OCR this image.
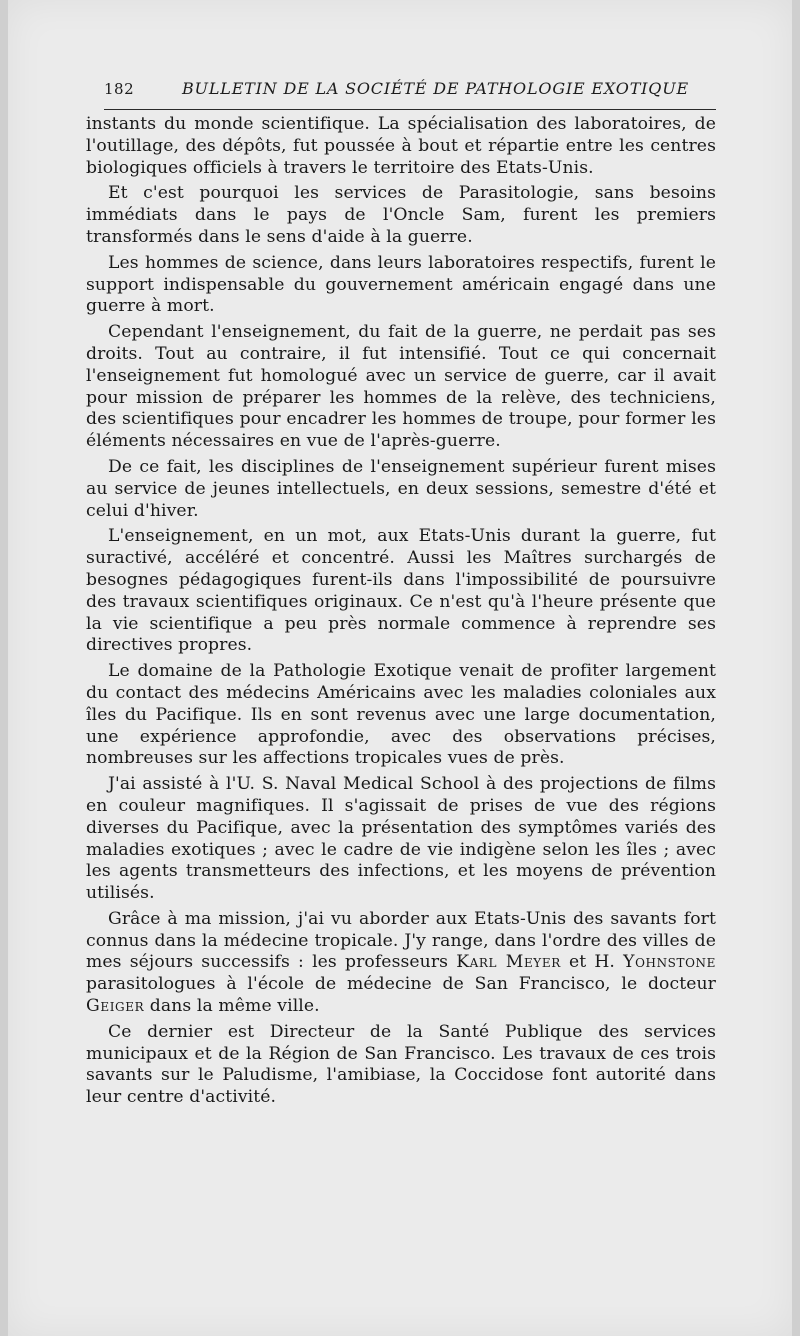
182	BULLETIN DE LA SOCIÉTÉ DE PATHOLOGIE EXOTIQUE

instants du monde scientifique. La spécialisation des laboratoires, de l'outillage, des dépôts, fut poussée à bout et répartie entre les centres biologiques officiels à travers le territoire des Etats-Unis.

Et c'est pourquoi les services de Parasitologie, sans besoins immédiats dans le pays de l'Oncle Sam, furent les premiers transformés dans le sens d'aide à la guerre.

Les hommes de science, dans leurs laboratoires respectifs, furent le support indispensable du gouvernement américain engagé dans une guerre à mort.

Cependant l'enseignement, du fait de la guerre, ne perdait pas ses droits. Tout au contraire, il fut intensifié. Tout ce qui concernait l'enseignement fut homologué avec un service de guerre, car il avait pour mission de préparer les hommes de la relève, des techniciens, des scientifiques pour encadrer les hommes de troupe, pour former les éléments nécessaires en vue de l'après-guerre.

De ce fait, les disciplines de l'enseignement supérieur furent mises au service de jeunes intellectuels, en deux sessions, semestre d'été et celui d'hiver.

L'enseignement, en un mot, aux Etats-Unis durant la guerre, fut suractivé, accéléré et concentré. Aussi les Maîtres surchargés de besognes pédagogiques furent-ils dans l'impossibilité de poursuivre des travaux scientifiques originaux. Ce n'est qu'à l'heure présente que la vie scientifique a peu près normale commence à reprendre ses directives propres.

Le domaine de la Pathologie Exotique venait de profiter largement du contact des médecins Américains avec les maladies coloniales aux îles du Pacifique. Ils en sont revenus avec une large documentation, une expérience approfondie, avec des observations précises, nombreuses sur les affections tropicales vues de près.

J'ai assisté à l'U. S. Naval Medical School à des projections de films en couleur magnifiques. Il s'agissait de prises de vue des régions diverses du Pacifique, avec la présentation des symptômes variés des maladies exotiques ; avec le cadre de vie indigène selon les îles ; avec les agents transmetteurs des infections, et les moyens de prévention utilisés.

Grâce à ma mission, j'ai vu aborder aux Etats-Unis des savants fort connus dans la médecine tropicale. J'y range, dans l'ordre des villes de mes séjours successifs : les professeurs Karl Meyer et H. Yohnstone parasitologues à l'école de médecine de San Francisco, le docteur Geiger dans la même ville.

Ce dernier est Directeur de la Santé Publique des services municipaux et de la Région de San Francisco. Les travaux de ces trois savants sur le Paludisme, l'amibiase, la Coccidose font autorité dans leur centre d'activité.
